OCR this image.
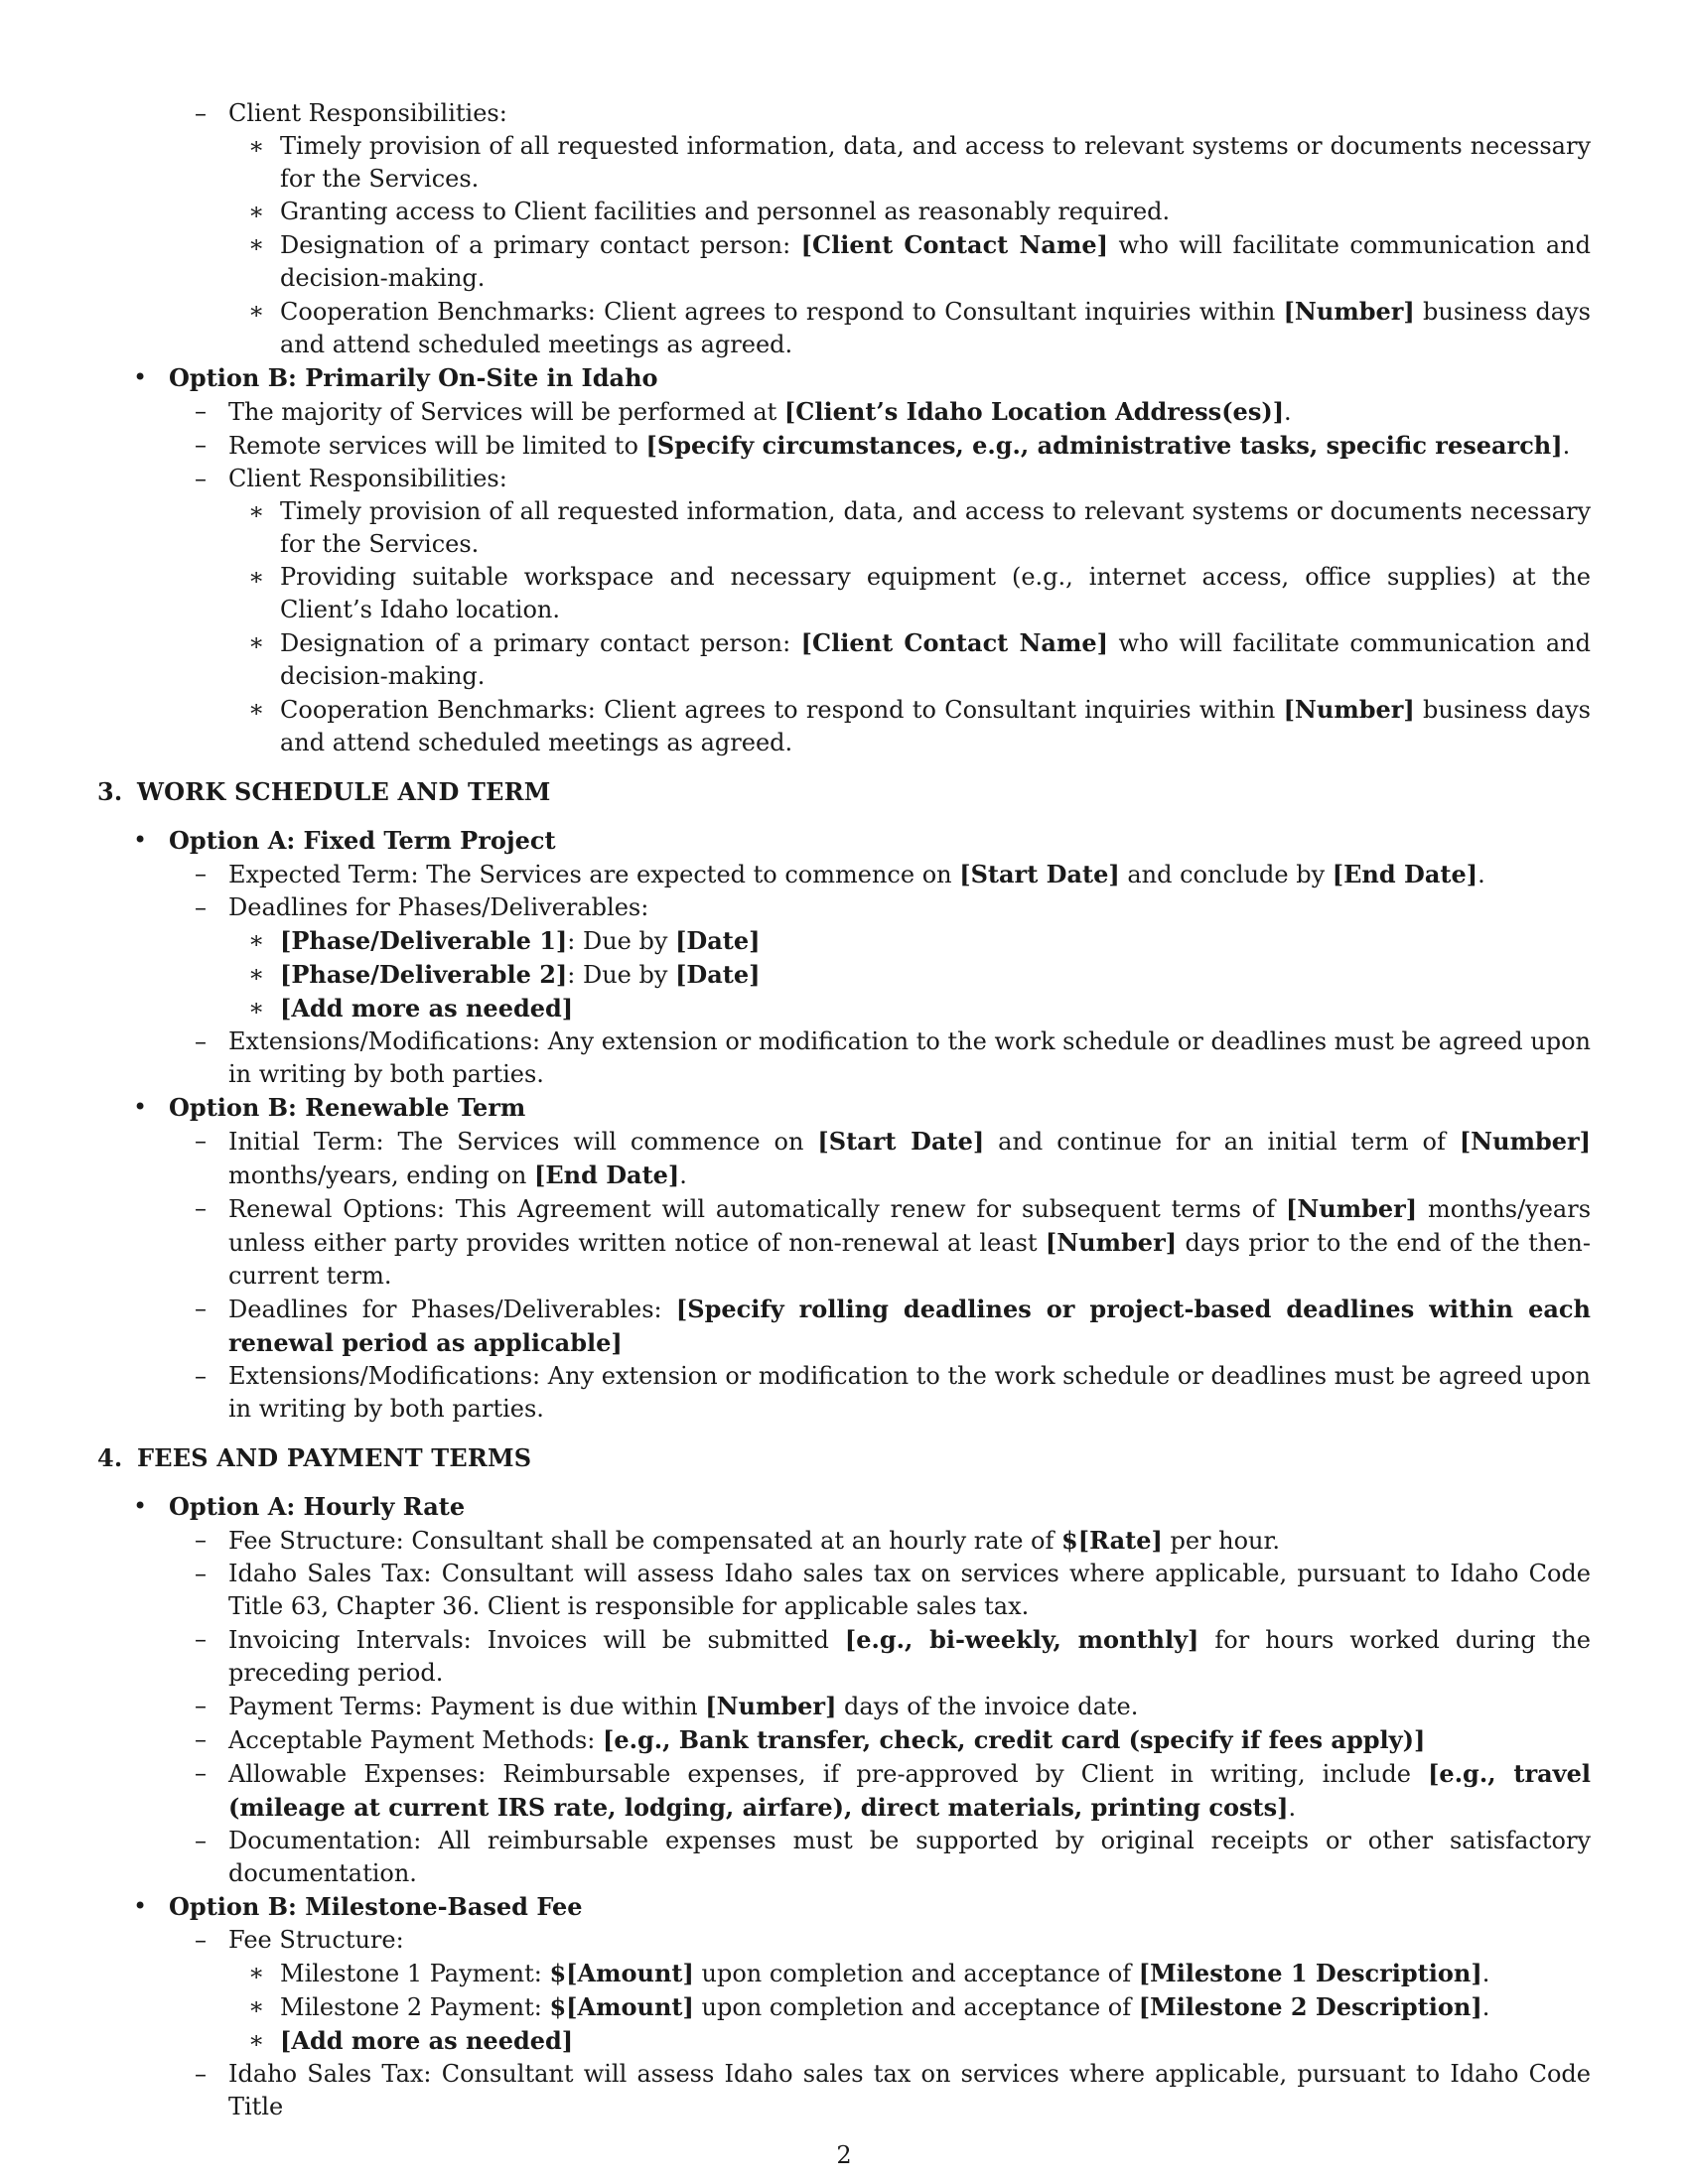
– Client Responsibilities:
∗ Timely provision of all requested information, data, and access to relevant systems or documents necessary for the Services.
∗ Granting access to Client facilities and personnel as reasonably required.
∗ Designation of a primary contact person: [Client Contact Name] who will facilitate communication and decision-making.
∗ Cooperation Benchmarks: Client agrees to respond to Consultant inquiries within [Number] business days and attend scheduled meetings as agreed.
• Option B: Primarily On-Site in Idaho
– The majority of Services will be performed at [Client’s Idaho Location Address(es)].
– Remote services will be limited to [Specify circumstances, e.g., administrative tasks, specific research].
– Client Responsibilities:
∗ Timely provision of all requested information, data, and access to relevant systems or documents necessary for the Services.
∗ Providing suitable workspace and necessary equipment (e.g., internet access, office supplies) at the Client’s Idaho location.
∗ Designation of a primary contact person: [Client Contact Name] who will facilitate communication and decision-making.
∗ Cooperation Benchmarks: Client agrees to respond to Consultant inquiries within [Number] business days and attend scheduled meetings as agreed.
3. WORK SCHEDULE AND TERM
• Option A: Fixed Term Project
– Expected Term: The Services are expected to commence on [Start Date] and conclude by [End Date].
– Deadlines for Phases/Deliverables:
∗ [Phase/Deliverable 1]: Due by [Date]
∗ [Phase/Deliverable 2]: Due by [Date]
∗ [Add more as needed]
– Extensions/Modifications: Any extension or modification to the work schedule or deadlines must be agreed upon in writing by both parties.
• Option B: Renewable Term
– Initial Term: The Services will commence on [Start Date] and continue for an initial term of [Number] months/years, ending on [End Date].
– Renewal Options: This Agreement will automatically renew for subsequent terms of [Number] months/years unless either party provides written notice of non-renewal at least [Number] days prior to the end of the then-current term.
– Deadlines for Phases/Deliverables: [Specify rolling deadlines or project-based deadlines within each renewal period as applicable]
– Extensions/Modifications: Any extension or modification to the work schedule or deadlines must be agreed upon in writing by both parties.
4. FEES AND PAYMENT TERMS
• Option A: Hourly Rate
– Fee Structure: Consultant shall be compensated at an hourly rate of $[Rate] per hour.
– Idaho Sales Tax: Consultant will assess Idaho sales tax on services where applicable, pursuant to Idaho Code Title 63, Chapter 36. Client is responsible for applicable sales tax.
– Invoicing Intervals: Invoices will be submitted [e.g., bi-weekly, monthly] for hours worked during the preceding period.
– Payment Terms: Payment is due within [Number] days of the invoice date.
– Acceptable Payment Methods: [e.g., Bank transfer, check, credit card (specify if fees apply)]
– Allowable Expenses: Reimbursable expenses, if pre-approved by Client in writing, include [e.g., travel (mileage at current IRS rate, lodging, airfare), direct materials, printing costs].
– Documentation: All reimbursable expenses must be supported by original receipts or other satisfactory documentation.
• Option B: Milestone-Based Fee
– Fee Structure:
∗ Milestone 1 Payment: $[Amount] upon completion and acceptance of [Milestone 1 Description].
∗ Milestone 2 Payment: $[Amount] upon completion and acceptance of [Milestone 2 Description].
∗ [Add more as needed]
– Idaho Sales Tax: Consultant will assess Idaho sales tax on services where applicable, pursuant to Idaho Code Title
2
